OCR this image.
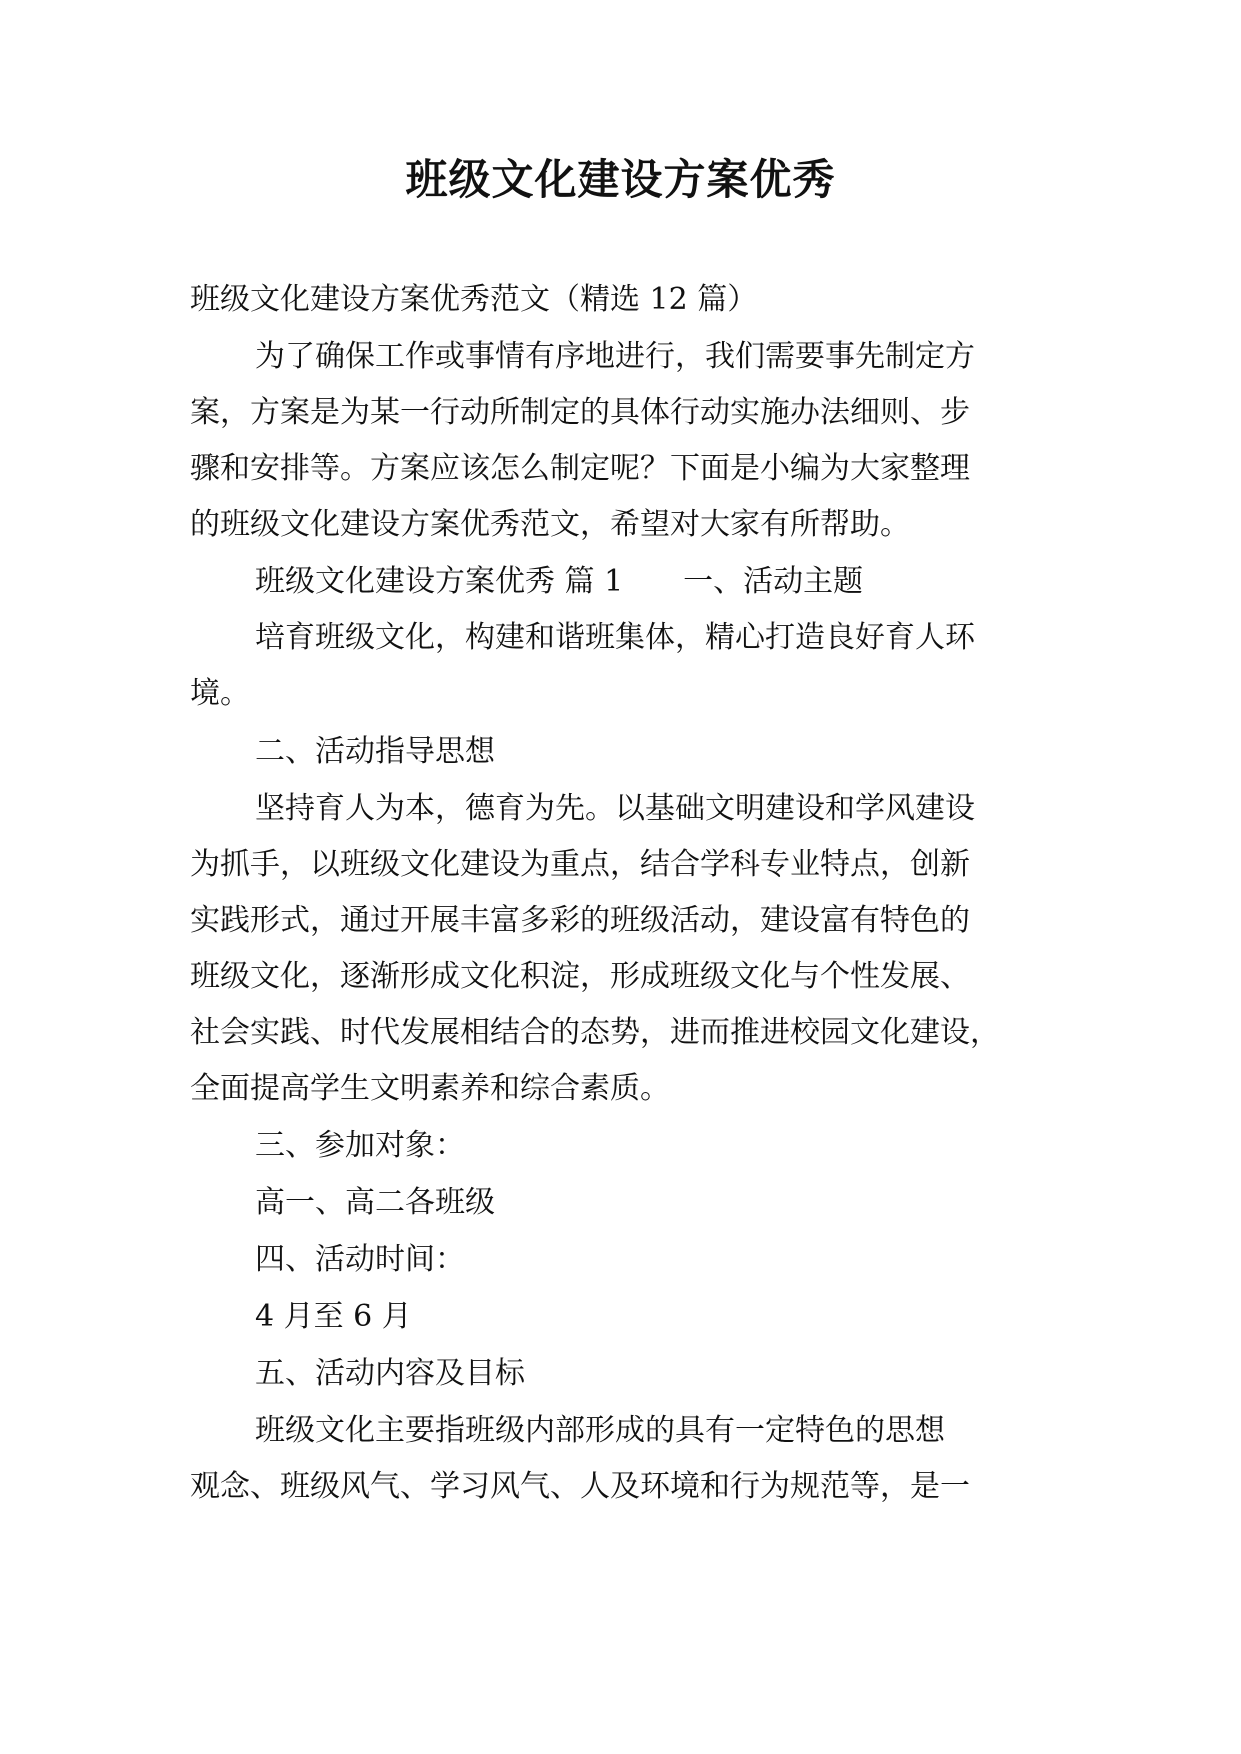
班级文化建设方案优秀
班级文化建设方案优秀范文（精选 12 篇）
为了确保工作或事情有序地进行，我们需要事先制定方
案，方案是为某一行动所制定的具体行动实施办法细则、步
骤和安排等。方案应该怎么制定呢？下面是小编为大家整理
的班级文化建设方案优秀范文，希望对大家有所帮助。
班级文化建设方案优秀 篇 1 一、活动主题
培育班级文化，构建和谐班集体，精心打造良好育人环
境。
二、活动指导思想
坚持育人为本，德育为先。以基础文明建设和学风建设
为抓手，以班级文化建设为重点，结合学科专业特点，创新
实践形式，通过开展丰富多彩的班级活动，建设富有特色的
班级文化，逐渐形成文化积淀，形成班级文化与个性发展、
社会实践、时代发展相结合的态势，进而推进校园文化建设，
全面提高学生文明素养和综合素质。
三、参加对象：
高一、高二各班级
四、活动时间：
4 月至 6 月
五、活动内容及目标
班级文化主要指班级内部形成的具有一定特色的思想
观念、班级风气、学习风气、人及环境和行为规范等，是一
